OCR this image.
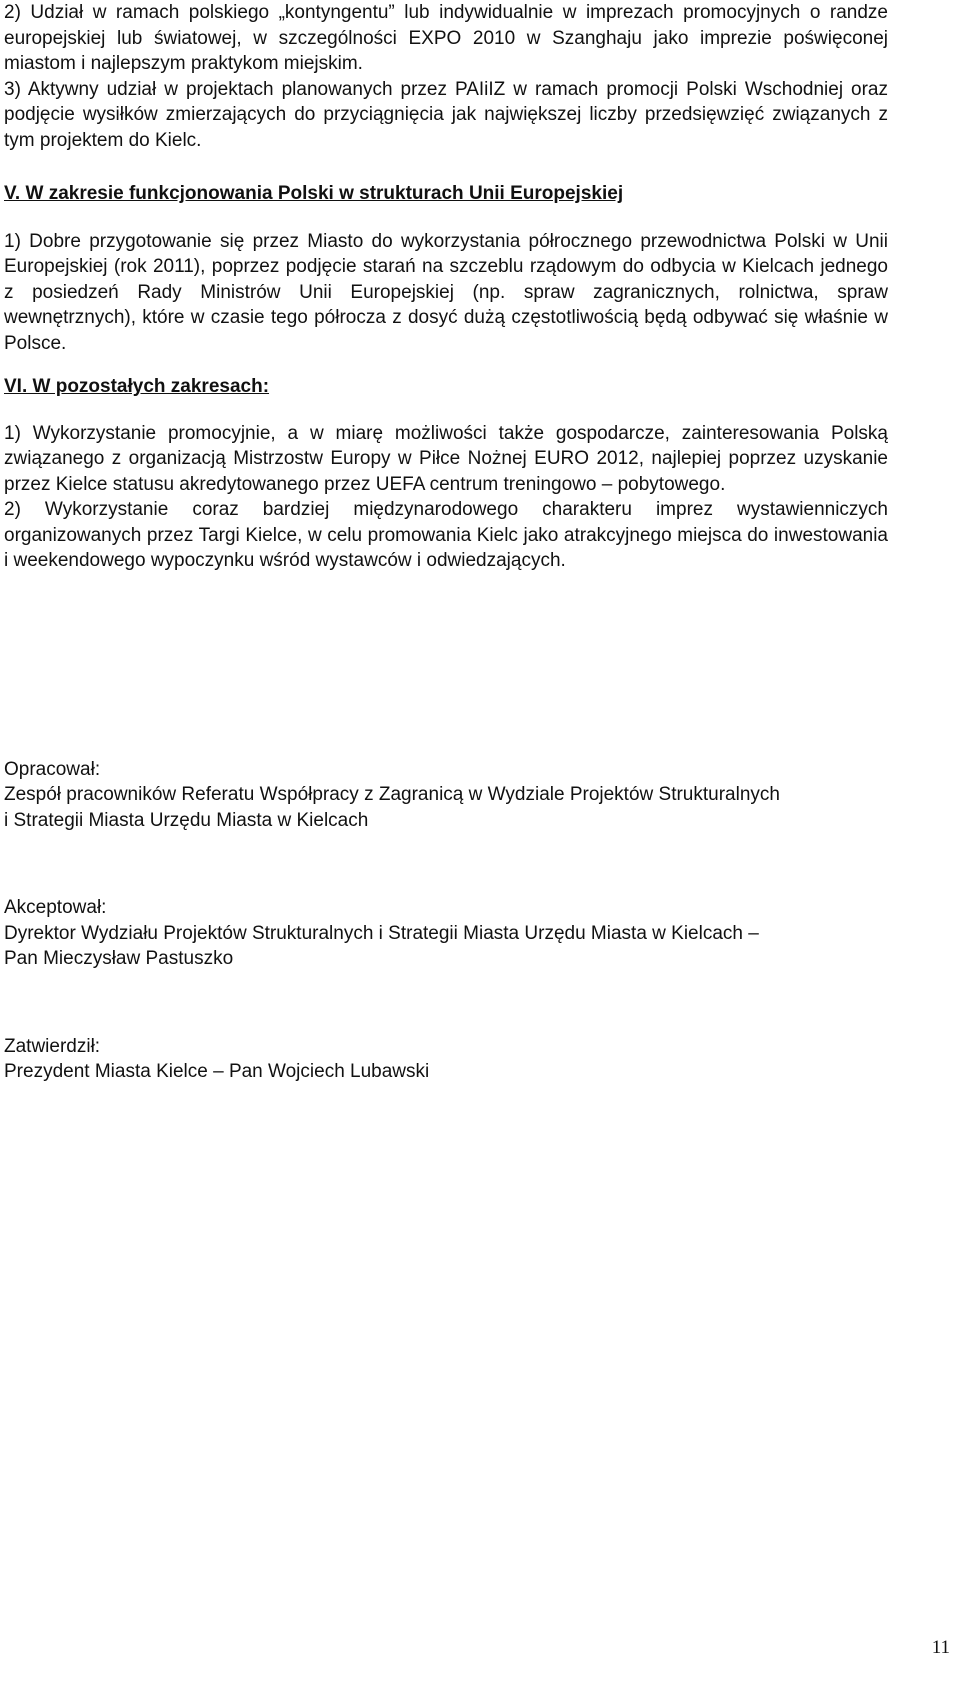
2) Udział w ramach polskiego „kontyngentu” lub indywidualnie w imprezach promocyjnych o randze europejskiej lub światowej, w szczególności EXPO 2010 w Szanghaju jako imprezie poświęconej miastom i najlepszym praktykom miejskim.

3) Aktywny udział w projektach planowanych przez PAIiIZ w ramach promocji Polski Wschodniej oraz podjęcie wysiłków zmierzających do przyciągnięcia jak największej liczby przedsięwzięć związanych z tym projektem do Kielc.

V. W zakresie funkcjonowania Polski w strukturach Unii Europejskiej

1) Dobre przygotowanie się przez Miasto do wykorzystania półrocznego przewodnictwa Polski w Unii Europejskiej (rok 2011), poprzez podjęcie starań na szczeblu rządowym do odbycia w Kielcach jednego z posiedzeń Rady Ministrów Unii Europejskiej (np. spraw zagranicznych, rolnictwa, spraw wewnętrznych), które w czasie tego półrocza z dosyć dużą częstotliwością będą odbywać się właśnie w Polsce.

VI. W pozostałych zakresach:

1) Wykorzystanie promocyjnie, a w miarę możliwości także gospodarcze, zainteresowania Polską związanego z organizacją Mistrzostw Europy w Piłce Nożnej EURO 2012, najlepiej poprzez uzyskanie przez Kielce statusu akredytowanego przez UEFA centrum treningowo – pobytowego.

2) Wykorzystanie coraz bardziej międzynarodowego charakteru imprez wystawienniczych organizowanych przez Targi Kielce, w celu promowania Kielc jako atrakcyjnego miejsca do inwestowania i weekendowego wypoczynku wśród wystawców i odwiedzających.

Opracował:

Zespół pracowników Referatu Współpracy z Zagranicą w Wydziale Projektów Strukturalnych

i Strategii Miasta Urzędu Miasta w Kielcach

Akceptował:

Dyrektor Wydziału Projektów Strukturalnych i Strategii Miasta Urzędu Miasta w Kielcach –

Pan Mieczysław Pastuszko

Zatwierdził:

Prezydent Miasta Kielce – Pan Wojciech Lubawski

11
